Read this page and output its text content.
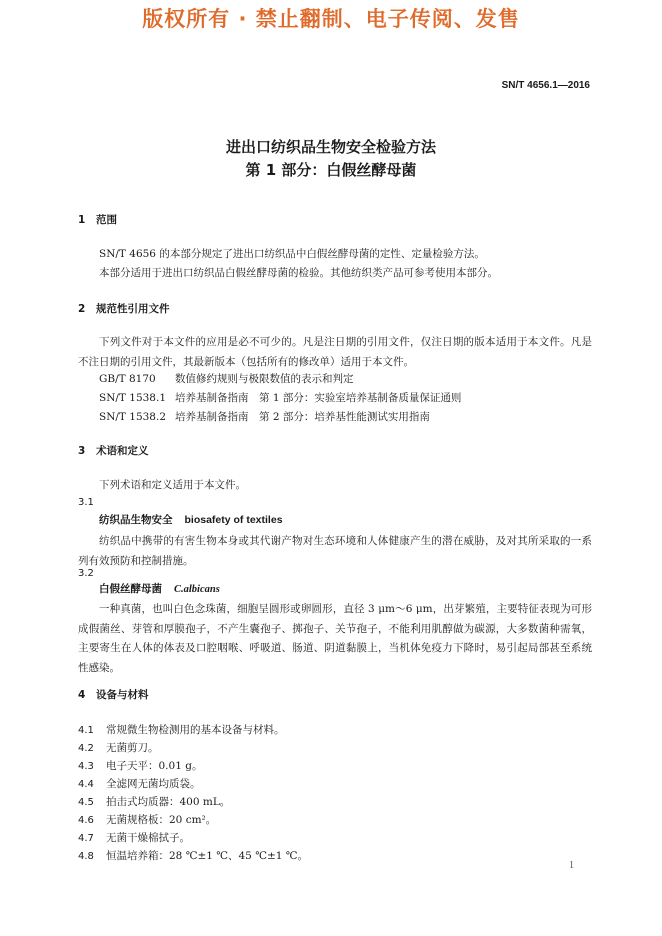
版权所有 · 禁止翻制、电子传阅、发售
SN/T 4656.1—2016
进出口纺织品生物安全检验方法
第 1 部分：白假丝酵母菌
1 范围
SN/T 4656 的本部分规定了进出口纺织品中白假丝酵母菌的定性、定量检验方法。
本部分适用于进出口纺织品白假丝酵母菌的检验。其他纺织类产品可参考使用本部分。
2 规范性引用文件
下列文件对于本文件的应用是必不可少的。凡是注日期的引用文件，仅注日期的版本适用于本文件。凡是不注日期的引用文件，其最新版本（包括所有的修改单）适用于本文件。
GB/T 8170 数值修约规则与极限数值的表示和判定
SN/T 1538.1 培养基制备指南　第 1 部分：实验室培养基制备质量保证通则
SN/T 1538.2 培养基制备指南　第 2 部分：培养基性能测试实用指南
3 术语和定义
下列术语和定义适用于本文件。
3.1
纺织品生物安全 biosafety of textiles
纺织品中携带的有害生物本身或其代谢产物对生态环境和人体健康产生的潜在威胁，及对其所采取的一系列有效预防和控制措施。
3.2
白假丝酵母菌 C.albicans
一种真菌，也叫白色念珠菌，细胞呈圆形或卵圆形，直径 3 μm～6 μm，出芽繁殖，主要特征表现为可形成假菌丝、芽管和厚膜孢子，不产生囊孢子、掷孢子、关节孢子，不能利用肌醇做为碳源，大多数菌种需氧，主要寄生在人体的体表及口腔咽喉、呼吸道、肠道、阴道黏膜上，当机体免疫力下降时，易引起局部甚至系统性感染。
4 设备与材料
4.1 常规微生物检测用的基本设备与材料。
4.2 无菌剪刀。
4.3 电子天平：0.01 g。
4.4 全滤网无菌均质袋。
4.5 拍击式均质器：400 mL。
4.6 无菌规格板：20 cm²。
4.7 无菌干燥棉拭子。
4.8 恒温培养箱：28 ℃±1 ℃、45 ℃±1 ℃。
1
